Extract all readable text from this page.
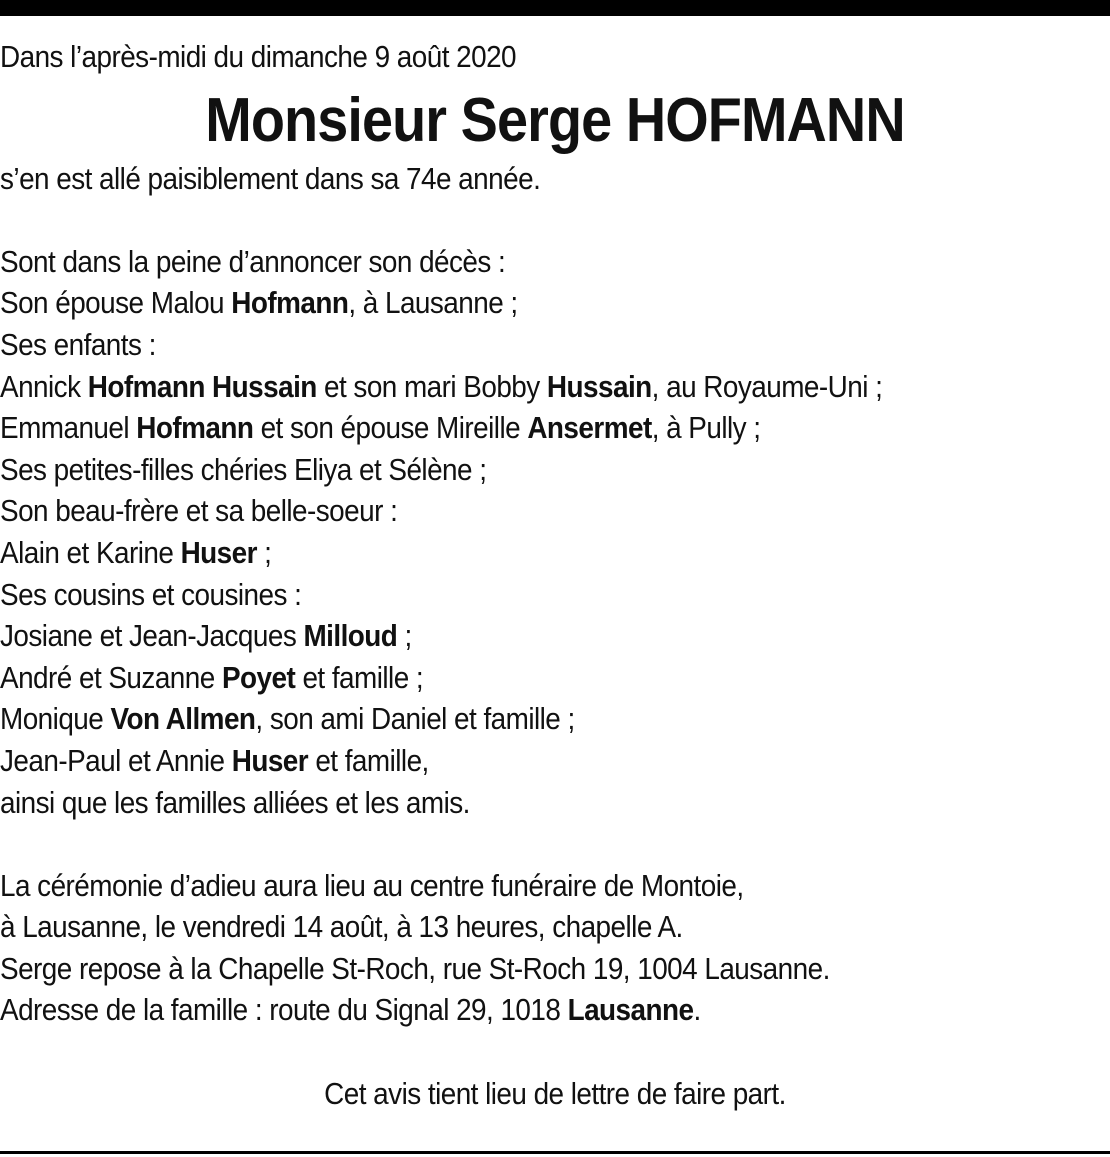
Dans l’après-midi du dimanche 9 août 2020
Monsieur Serge HOFMANN
s’en est allé paisiblement dans sa 74e année.
Sont dans la peine d’annoncer son décès :
Son épouse Malou Hofmann, à Lausanne ;
Ses enfants :
Annick Hofmann Hussain et son mari Bobby Hussain, au Royaume-Uni ;
Emmanuel Hofmann et son épouse Mireille Ansermet, à Pully ;
Ses petites-filles chéries Eliya et Sélène ;
Son beau-frère et sa belle-soeur :
Alain et Karine Huser ;
Ses cousins et cousines :
Josiane et Jean-Jacques Milloud ;
André et Suzanne Poyet et famille ;
Monique Von Allmen, son ami Daniel et famille ;
Jean-Paul et Annie Huser et famille,
ainsi que les familles alliées et les amis.
La cérémonie d’adieu aura lieu au centre funéraire de Montoie,
à Lausanne, le vendredi 14 août, à 13 heures, chapelle A.
Serge repose à la Chapelle St-Roch, rue St-Roch 19, 1004 Lausanne.
Adresse de la famille : route du Signal 29, 1018 Lausanne.
Cet avis tient lieu de lettre de faire part.
